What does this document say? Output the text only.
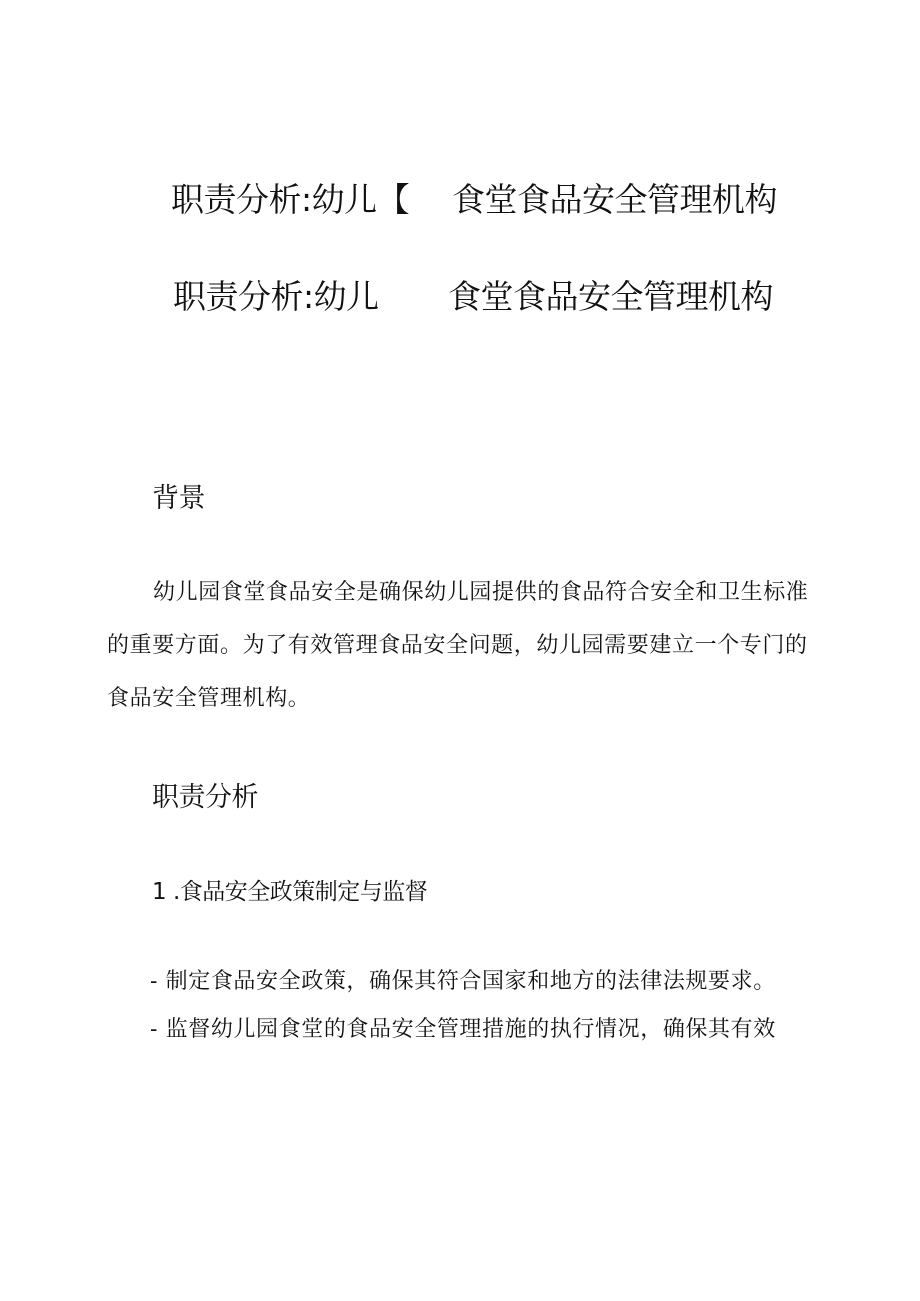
职责分析:幼儿【 食堂食品安全管理机构
职责分析:幼儿 食堂食品安全管理机构
背景

幼儿园食堂食品安全是确保幼儿园提供的食品符合安全和卫生标准的重要方面。为了有效管理食品安全问题，幼儿园需要建立一个专门的食品安全管理机构。

职责分析
1 .食品安全政策制定与监督
- 制定食品安全政策，确保其符合国家和地方的法律法规要求。
- 监督幼儿园食堂的食品安全管理措施的执行情况，确保其有效
